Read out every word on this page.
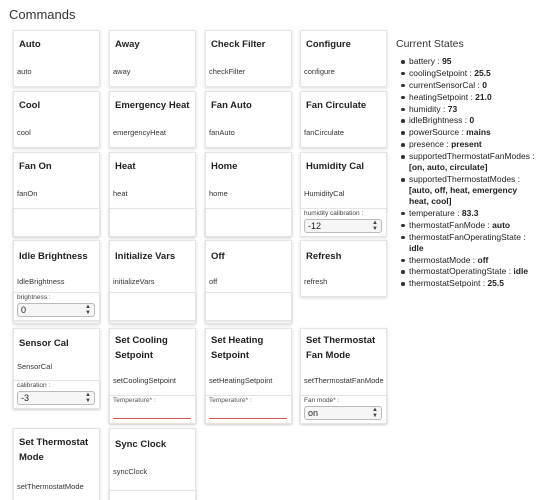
Commands
Auto
auto
Away
away
Check Filter
checkFilter
Configure
configure
Cool
cool
Emergency Heat
emergencyHeat
Fan Auto
fanAuto
Fan Circulate
fanCirculate
Fan On
fanOn
Heat
heat
Home
home
Humidity Cal
HumidityCal
humidity calibration :
-12	▲
▼
Idle Brightness
IdleBrightness
brightness :
0	▲
▼
Initialize Vars
initializeVars
Off
off
Refresh
refresh
Sensor Cal
SensorCal
calibration :
-3	▲
▼
Set Cooling Setpoint
setCoolingSetpoint
Temperature* :
Set Heating Setpoint
setHeatingSetpoint
Temperature* :
Set Thermostat Fan Mode
setThermostatFanMode
Fan mode* :
on	▲
▼
Set Thermostat Mode
setThermostatMode
Sync Clock
syncClock
Current States
battery : 95
coolingSetpoint : 25.5
currentSensorCal : 0
heatingSetpoint : 21.0
humidity : 73
idleBrightness : 0
powerSource : mains
presence : present
supportedThermostatFanModes : [on, auto, circulate]
supportedThermostatModes : [auto, off, heat, emergency heat, cool]
temperature : 83.3
thermostatFanMode : auto
thermostatFanOperatingState : idle
thermostatMode : off
thermostatOperatingState : idle
thermostatSetpoint : 25.5
